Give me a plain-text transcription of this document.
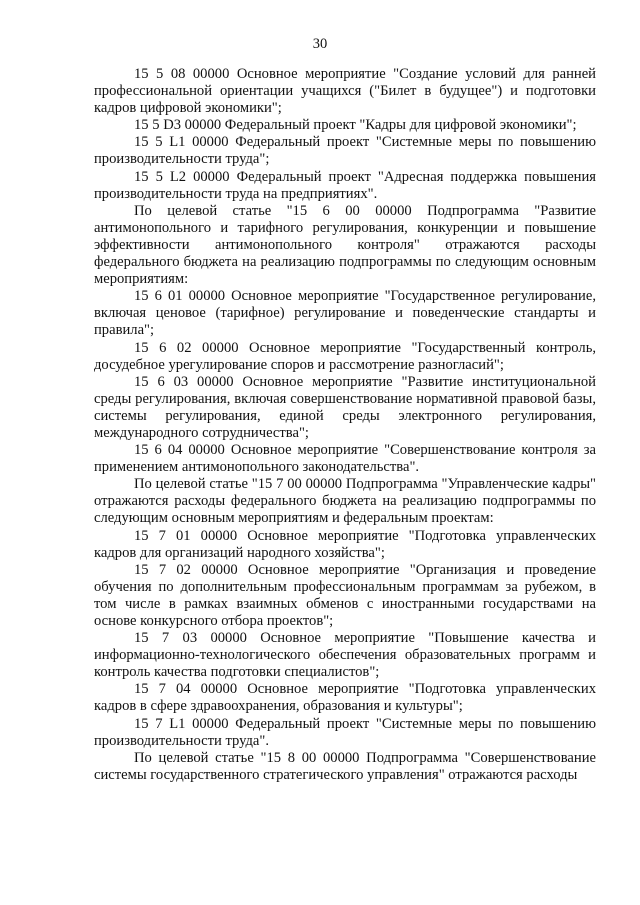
30

15 5 08 00000 Основное мероприятие "Создание условий для ранней профессиональной ориентации учащихся ("Билет в будущее") и подготовки кадров цифровой экономики";

15 5 D3 00000 Федеральный проект "Кадры для цифровой экономики";

15 5 L1 00000 Федеральный проект "Системные меры по повышению производительности труда";

15 5 L2 00000 Федеральный проект "Адресная поддержка повышения производительности труда на предприятиях".

По целевой статье "15 6 00 00000 Подпрограмма "Развитие антимонопольного и тарифного регулирования, конкуренции и повышение эффективности антимонопольного контроля" отражаются расходы федерального бюджета на реализацию подпрограммы по следующим основным мероприятиям:

15 6 01 00000 Основное мероприятие "Государственное регулирование, включая ценовое (тарифное) регулирование и поведенческие стандарты и правила";

15 6 02 00000 Основное мероприятие "Государственный контроль, досудебное урегулирование споров и рассмотрение разногласий";

15 6 03 00000 Основное мероприятие "Развитие институциональной среды регулирования, включая совершенствование нормативной правовой базы, системы регулирования, единой среды электронного регулирования, международного сотрудничества";

15 6 04 00000 Основное мероприятие "Совершенствование контроля за применением антимонопольного законодательства".

По целевой статье "15 7 00 00000 Подпрограмма "Управленческие кадры" отражаются расходы федерального бюджета на реализацию подпрограммы по следующим основным мероприятиям и федеральным проектам:

15 7 01 00000 Основное мероприятие "Подготовка управленческих кадров для организаций народного хозяйства";

15 7 02 00000 Основное мероприятие "Организация и проведение обучения по дополнительным профессиональным программам за рубежом, в том числе в рамках взаимных обменов с иностранными государствами на основе конкурсного отбора проектов";

15 7 03 00000 Основное мероприятие "Повышение качества и информационно-технологического обеспечения образовательных программ и контроль качества подготовки специалистов";

15 7 04 00000 Основное мероприятие "Подготовка управленческих кадров в сфере здравоохранения, образования и культуры";

15 7 L1 00000 Федеральный проект "Системные меры по повышению производительности труда".

По целевой статье "15 8 00 00000 Подпрограмма "Совершенствование системы государственного стратегического управления" отражаются расходы
